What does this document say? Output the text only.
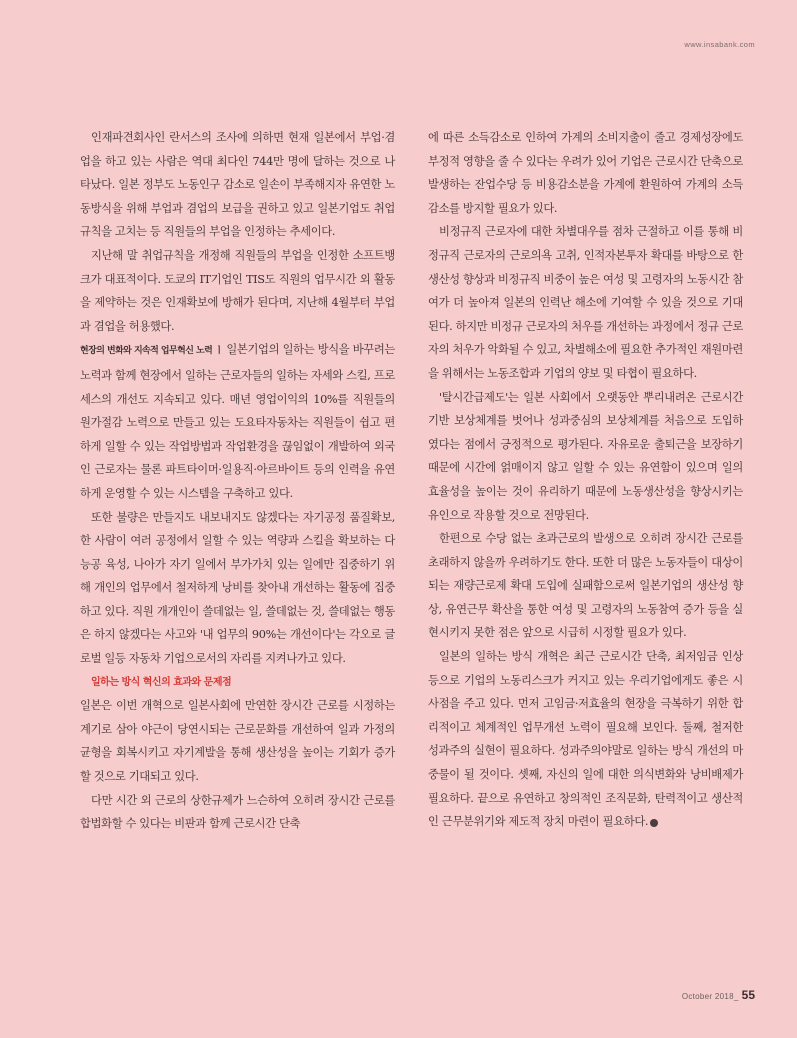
www.insabank.com

인재파견회사인 란서스의 조사에 의하면 현재 일본에서 부업·겸업을 하고 있는 사람은 역대 최다인 744만 명에 달하는 것으로 나타났다. 일본 정부도 노동인구 감소로 일손이 부족해지자 유연한 노동방식을 위해 부업과 겸업의 보급을 권하고 있고 일본기업도 취업규칙을 고치는 등 직원들의 부업을 인정하는 추세이다.

지난해 말 취업규칙을 개정해 직원들의 부업을 인정한 소프트뱅크가 대표적이다. 도쿄의 IT기업인 TIS도 직원의 업무시간 외 활동을 제약하는 것은 인재확보에 방해가 된다며, 지난해 4월부터 부업과 겸업을 허용했다.

현장의 변화와 지속적 업무혁신 노력 ㅣ 일본기업의 일하는 방식을 바꾸려는 노력과 함께 현장에서 일하는 근로자들의 일하는 자세와 스킬, 프로세스의 개선도 지속되고 있다. 매년 영업이익의 10%를 직원들의 원가절감 노력으로 만들고 있는 도요타자동차는 직원들이 쉽고 편하게 일할 수 있는 작업방법과 작업환경을 끊임없이 개발하여 외국인 근로자는 물론 파트타이머·일용직·아르바이트 등의 인력을 유연하게 운영할 수 있는 시스템을 구축하고 있다.

또한 불량은 만들지도 내보내지도 않겠다는 자기공정 품질확보, 한 사람이 여러 공정에서 일할 수 있는 역량과 스킬을 확보하는 다능공 육성, 나아가 자기 일에서 부가가치 있는 일에만 집중하기 위해 개인의 업무에서 철저하게 낭비를 찾아내 개선하는 활동에 집중하고 있다. 직원 개개인이 쓸데없는 일, 쓸데없는 것, 쓸데없는 행동은 하지 않겠다는 사고와 '내 업무의 90%는 개선이다'는 각오로 글로벌 일등 자동차 기업으로서의 자리를 지켜나가고 있다.

일하는 방식 혁신의 효과와 문제점

일본은 이번 개혁으로 일본사회에 만연한 장시간 근로를 시정하는 계기로 삼아 야근이 당연시되는 근로문화를 개선하여 일과 가정의 균형을 회복시키고 자기계발을 통해 생산성을 높이는 기회가 증가할 것으로 기대되고 있다.

다만 시간 외 근로의 상한규제가 느슨하여 오히려 장시간 근로를 합법화할 수 있다는 비판과 함께 근로시간 단축

에 따른 소득감소로 인하여 가계의 소비지출이 줄고 경제성장에도 부정적 영향을 줄 수 있다는 우려가 있어 기업은 근로시간 단축으로 발생하는 잔업수당 등 비용감소분을 가계에 환원하여 가계의 소득감소를 방지할 필요가 있다.

비정규직 근로자에 대한 차별대우를 점차 근절하고 이를 통해 비정규직 근로자의 근로의욕 고취, 인적자본투자 확대를 바탕으로 한 생산성 향상과 비정규직 비중이 높은 여성 및 고령자의 노동시간 참여가 더 높아져 일본의 인력난 해소에 기여할 수 있을 것으로 기대된다. 하지만 비정규 근로자의 처우를 개선하는 과정에서 정규 근로자의 처우가 악화될 수 있고, 차별해소에 필요한 추가적인 재원마련을 위해서는 노동조합과 기업의 양보 및 타협이 필요하다.

'탈시간급제도'는 일본 사회에서 오랫동안 뿌리내려온 근로시간 기반 보상체계를 벗어나 성과중심의 보상체계를 처음으로 도입하였다는 점에서 긍정적으로 평가된다. 자유로운 출퇴근을 보장하기 때문에 시간에 얽매이지 않고 일할 수 있는 유연함이 있으며 일의 효율성을 높이는 것이 유리하기 때문에 노동생산성을 향상시키는 유인으로 작용할 것으로 전망된다.

한편으로 수당 없는 초과근로의 발생으로 오히려 장시간 근로를 초래하지 않을까 우려하기도 한다. 또한 더 많은 노동자들이 대상이 되는 재량근로제 확대 도입에 실패함으로써 일본기업의 생산성 향상, 유연근무 확산을 통한 여성 및 고령자의 노동참여 증가 등을 실현시키지 못한 점은 앞으로 시급히 시정할 필요가 있다.

일본의 일하는 방식 개혁은 최근 근로시간 단축, 최저임금 인상 등으로 기업의 노동리스크가 커지고 있는 우리기업에게도 좋은 시사점을 주고 있다. 먼저 고임금·저효율의 현장을 극복하기 위한 합리적이고 체계적인 업무개선 노력이 필요해 보인다. 둘째, 철저한 성과주의 실현이 필요하다. 성과주의야말로 일하는 방식 개선의 마중물이 될 것이다. 셋째, 자신의 일에 대한 의식변화와 낭비배제가 필요하다. 끝으로 유연하고 창의적인 조직문화, 탄력적이고 생산적인 근무분위기와 제도적 장치 마련이 필요하다. a

October 2018_ 55
